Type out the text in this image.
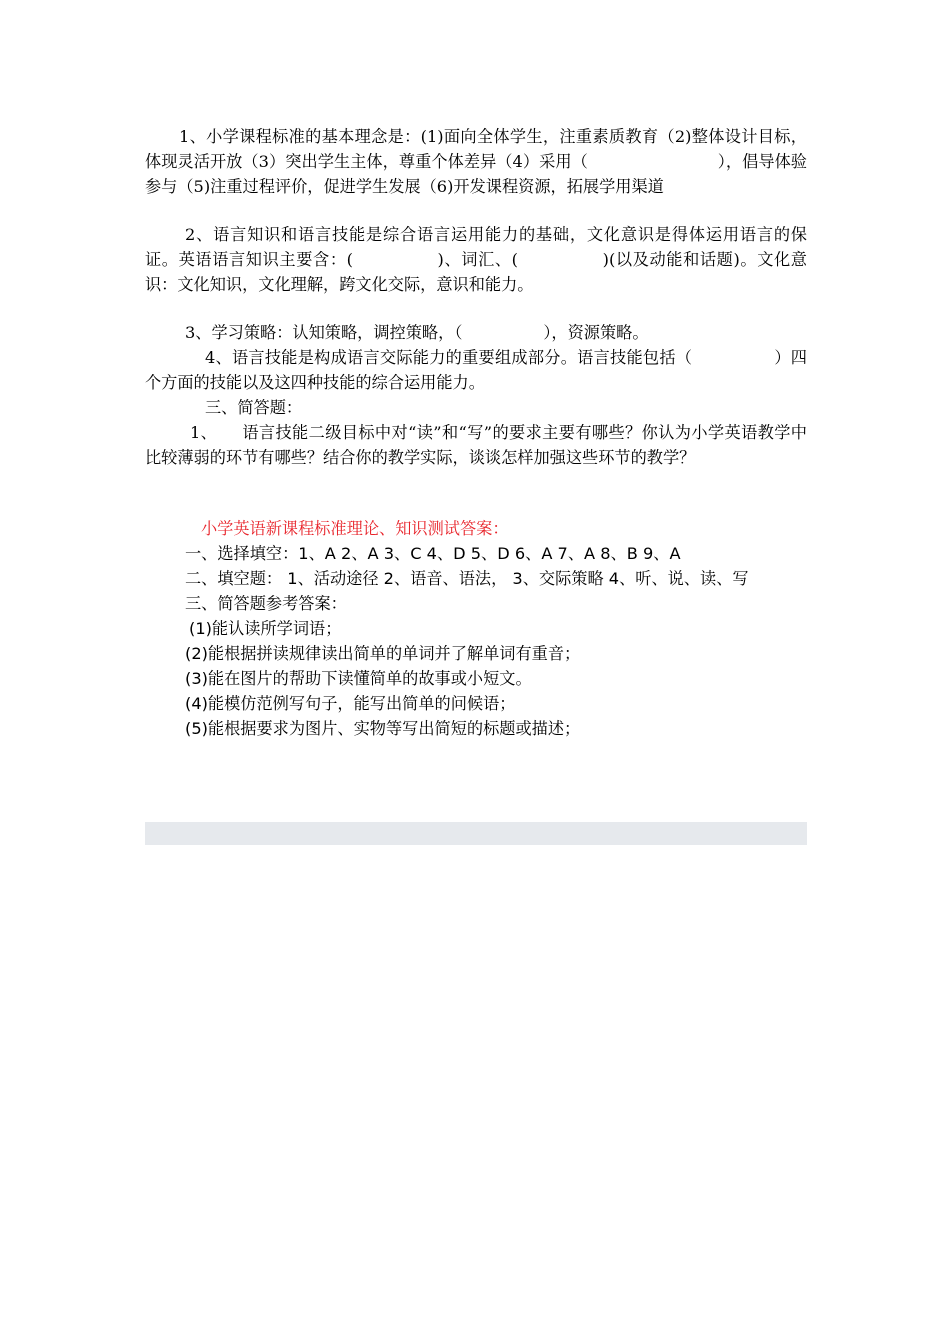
1、小学课程标准的基本理念是：(1)面向全体学生，注重素质教育（2)整体设计目标，体现灵活开放（3）突出学生主体，尊重个体差异（4）采用（　　　　　　　　），倡导体验参与（5)注重过程评价，促进学生发展（6)开发课程资源，拓展学用渠道

2、语言知识和语言技能是综合语言运用能力的基础，文化意识是得体运用语言的保证。英语语言知识主要含：(　　　　　)、词汇、(　　　　　)(以及动能和话题)。文化意识：文化知识，文化理解，跨文化交际，意识和能力。

3、学习策略：认知策略，调控策略，（　　　　　），资源策略。

4、语言技能是构成语言交际能力的重要组成部分。语言技能包括（　　　　　）四个方面的技能以及这四种技能的综合运用能力。

三、简答题：

1、　　语言技能二级目标中对“读”和“写”的要求主要有哪些？你认为小学英语教学中比较薄弱的环节有哪些？结合你的教学实际，谈谈怎样加强这些环节的教学？

小学英语新课程标准理论、知识测试答案：

一、选择填空：1、A 2、A 3、C 4、D 5、D 6、A 7、A 8、B 9、A

二、填空题： 1、活动途径 2、语音、语法， 3、交际策略 4、听、说、读、写

三、简答题参考答案：

(1)能认读所学词语；

(2)能根据拼读规律读出简单的单词并了解单词有重音；

(3)能在图片的帮助下读懂简单的故事或小短文。

(4)能模仿范例写句子，能写出简单的问候语；

(5)能根据要求为图片、实物等写出简短的标题或描述；
